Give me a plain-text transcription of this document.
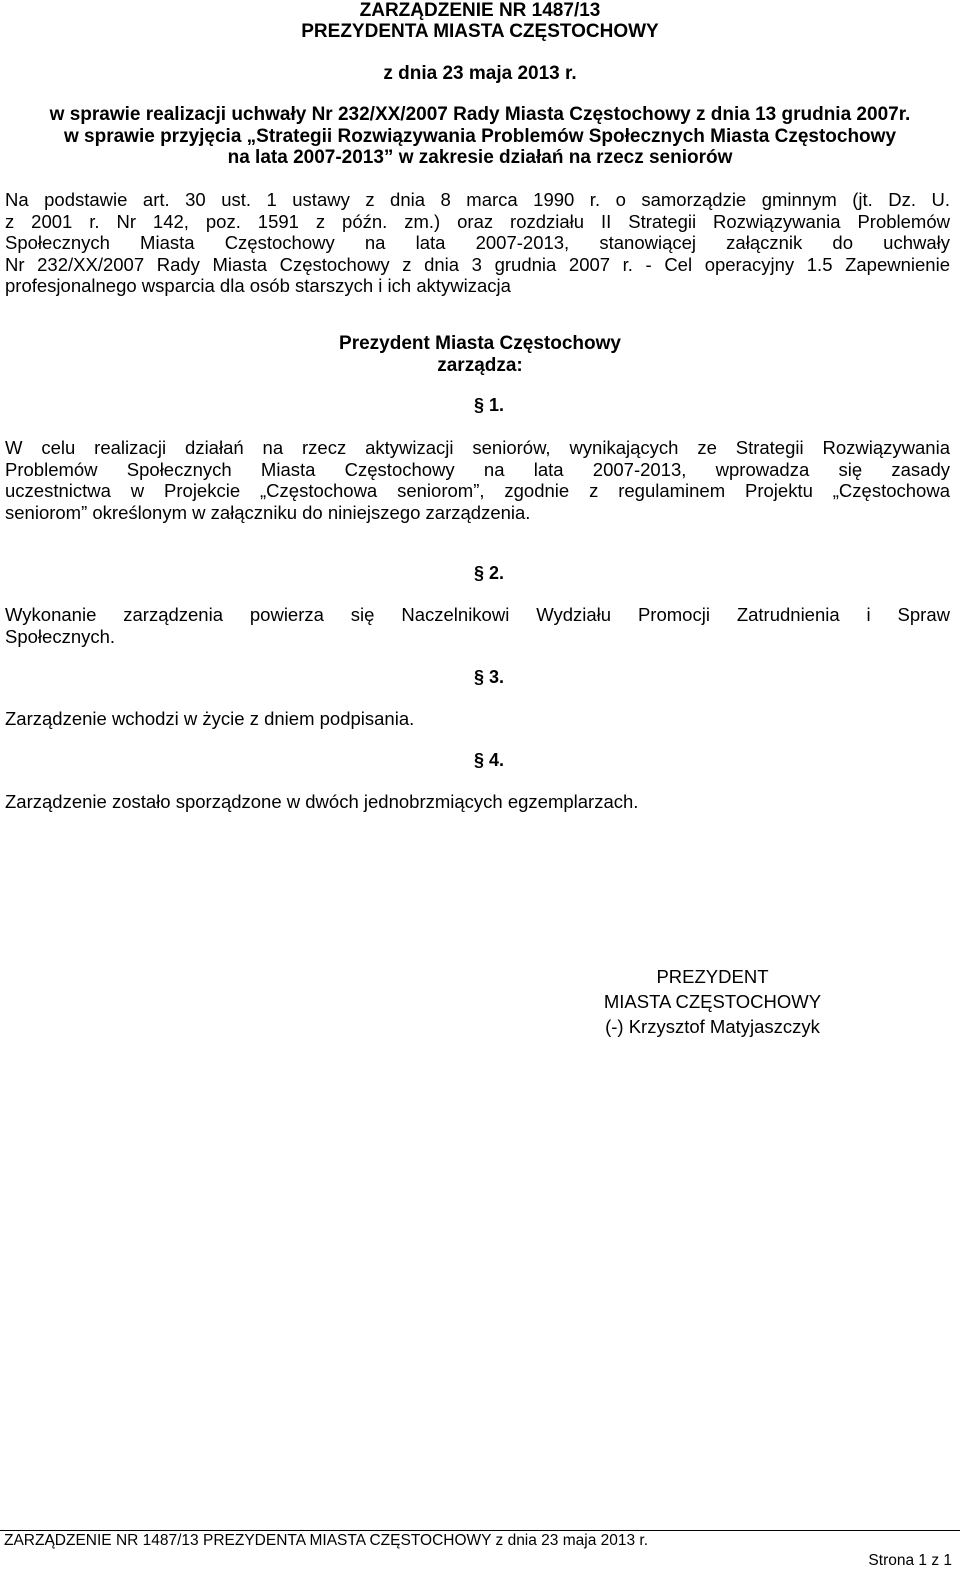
ZARZĄDZENIE NR 1487/13
PREZYDENTA MIASTA CZĘSTOCHOWY
z dnia 23 maja 2013 r.
w sprawie realizacji uchwały Nr 232/XX/2007 Rady Miasta Częstochowy z dnia 13 grudnia 2007r.
w sprawie przyjęcia „Strategii Rozwiązywania Problemów Społecznych Miasta Częstochowy
na lata 2007-2013” w zakresie działań na rzecz seniorów
Na podstawie art. 30 ust. 1 ustawy z dnia 8 marca 1990 r. o samorządzie gminnym (jt. Dz. U.
z 2001 r. Nr 142, poz. 1591 z późn. zm.) oraz rozdziału II Strategii Rozwiązywania Problemów
Społecznych Miasta Częstochowy na lata 2007-2013, stanowiącej załącznik do uchwały
Nr 232/XX/2007 Rady Miasta Częstochowy z dnia 3 grudnia 2007 r. - Cel operacyjny 1.5 Zapewnienie
profesjonalnego wsparcia dla osób starszych i ich aktywizacja
Prezydent Miasta Częstochowy
zarządza:
§ 1.
W celu realizacji działań na rzecz aktywizacji seniorów, wynikających ze Strategii Rozwiązywania
Problemów Społecznych Miasta Częstochowy na lata 2007-2013, wprowadza się zasady
uczestnictwa w Projekcie „Częstochowa seniorom”, zgodnie z regulaminem Projektu „Częstochowa
seniorom” określonym w załączniku do niniejszego zarządzenia.
§ 2.
Wykonanie zarządzenia powierza się Naczelnikowi Wydziału Promocji Zatrudnienia i Spraw
Społecznych.
§ 3.
Zarządzenie wchodzi w życie z dniem podpisania.
§ 4.
Zarządzenie zostało sporządzone w dwóch jednobrzmiących egzemplarzach.
PREZYDENT
MIASTA CZĘSTOCHOWY
(-) Krzysztof Matyjaszczyk
ZARZĄDZENIE NR 1487/13 PREZYDENTA MIASTA CZĘSTOCHOWY z dnia 23 maja 2013 r.
Strona 1 z 1
